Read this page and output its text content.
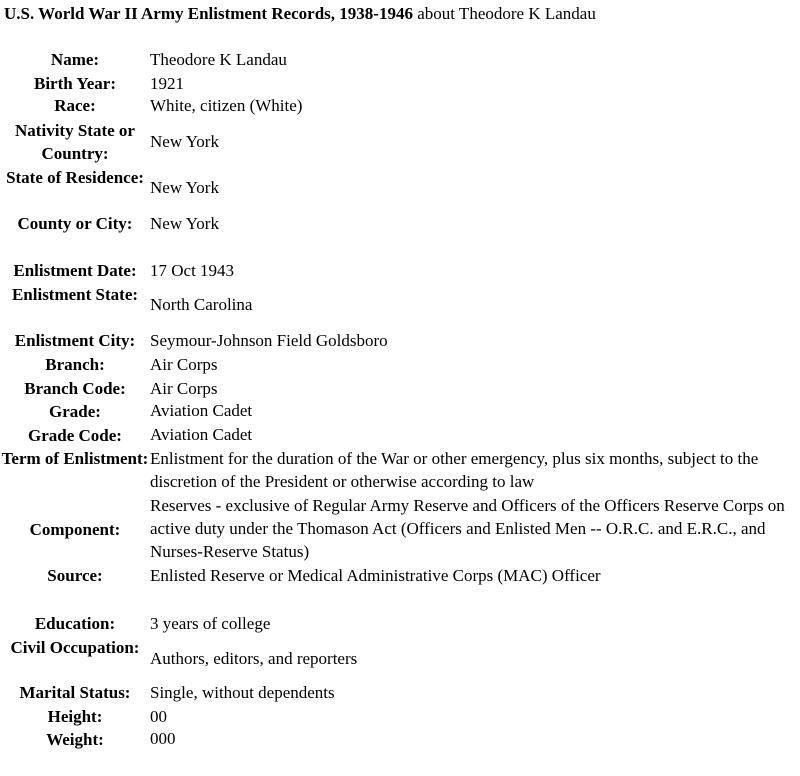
U.S. World War II Army Enlistment Records, 1938-1946 about Theodore K Landau
Name:	Theodore K Landau
Birth Year:	1921
Race:	White, citizen (White)
Nativity State or Country:
New York
State of Residence:
New York
County or City:	New York
Enlistment Date: 17 Oct 1943
Enlistment State:
North Carolina
Enlistment City: Seymour-Johnson Field Goldsboro
Branch:	Air Corps
Branch Code:	Air Corps
Grade:	Aviation Cadet
Grade Code:	Aviation Cadet
Term of Enlistment: Enlistment for the duration of the War or other emergency, plus six months, subject to the discretion of the President or otherwise according to law
Component:
Reserves - exclusive of Regular Army Reserve and Officers of the Officers Reserve Corps on active duty under the Thomason Act (Officers and Enlisted Men -- O.R.C. and E.R.C., and Nurses-Reserve Status)
Source:	Enlisted Reserve or Medical Administrative Corps (MAC) Officer
Education:	3 years of college
Civil Occupation:
Authors, editors, and reporters
Marital Status:	Single, without dependents
Height:	00
Weight:	000
